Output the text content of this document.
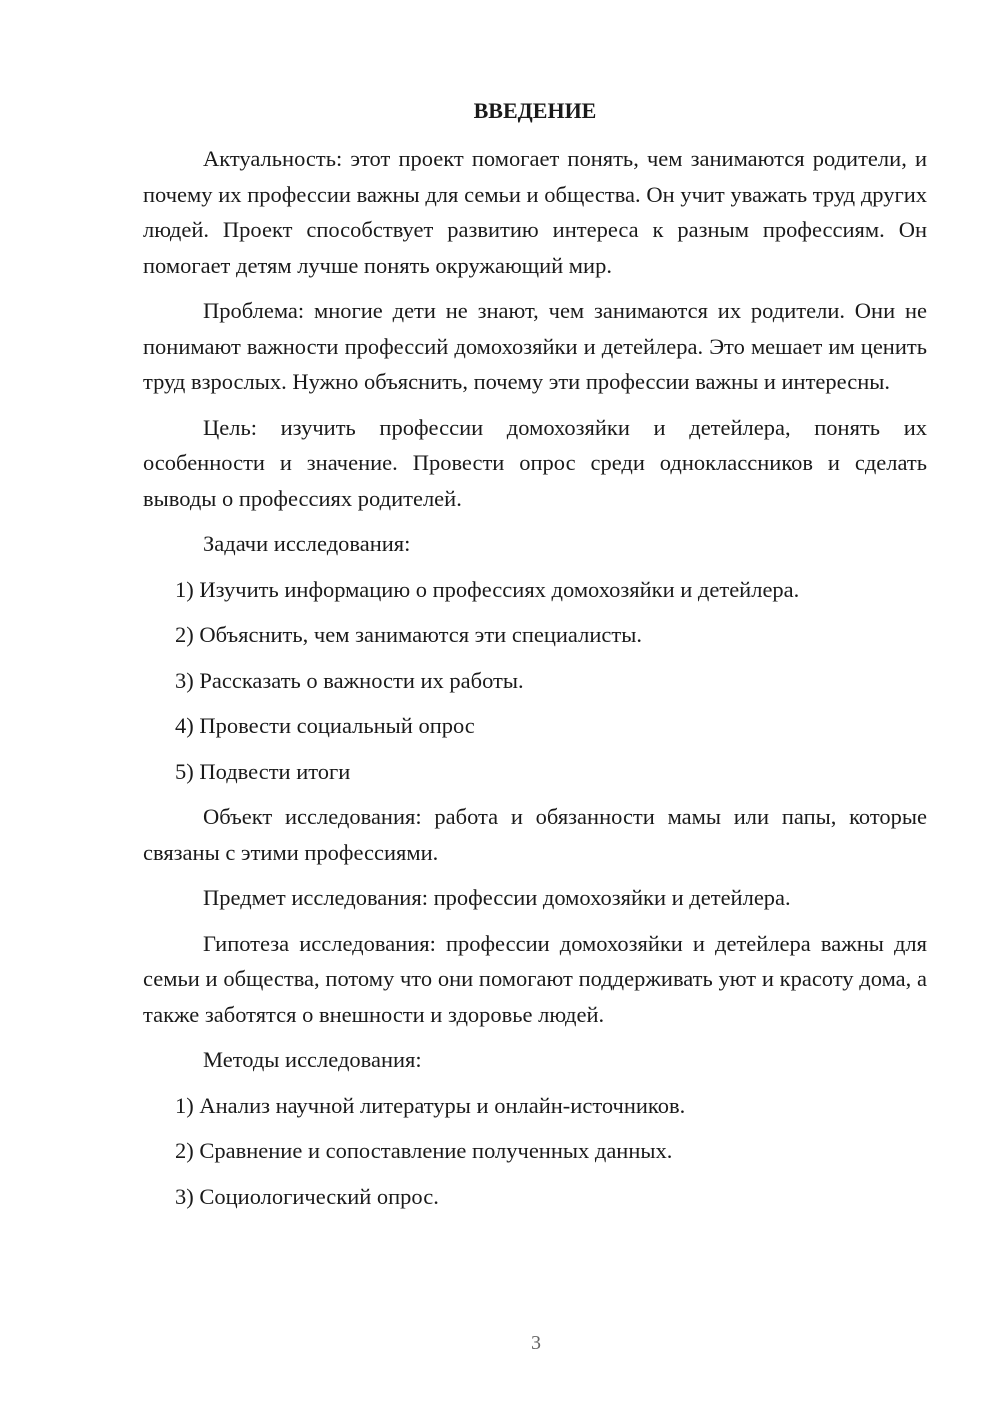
ВВЕДЕНИЕ

Актуальность: этот проект помогает понять, чем занимаются родители, и почему их профессии важны для семьи и общества. Он учит уважать труд других людей. Проект способствует развитию интереса к разным профессиям. Он помогает детям лучше понять окружающий мир.

Проблема: многие дети не знают, чем занимаются их родители. Они не понимают важности профессий домохозяйки и детейлера. Это мешает им ценить труд взрослых. Нужно объяснить, почему эти профессии важны и интересны.

Цель: изучить профессии домохозяйки и детейлера, понять их особенности и значение. Провести опрос среди одноклассников и сделать выводы о профессиях родителей.

Задачи исследования:

1) Изучить информацию о профессиях домохозяйки и детейлера.

2) Объяснить, чем занимаются эти специалисты.

3) Рассказать о важности их работы.

4) Провести социальный опрос

5) Подвести итоги

Объект исследования: работа и обязанности мамы или папы, которые связаны с этими профессиями.

Предмет исследования: профессии домохозяйки и детейлера.

Гипотеза исследования: профессии домохозяйки и детейлера важны для семьи и общества, потому что они помогают поддерживать уют и красоту дома, а также заботятся о внешности и здоровье людей.

Методы исследования:

1) Анализ научной литературы и онлайн-источников.

2) Сравнение и сопоставление полученных данных.

3) Социологический опрос.

3
